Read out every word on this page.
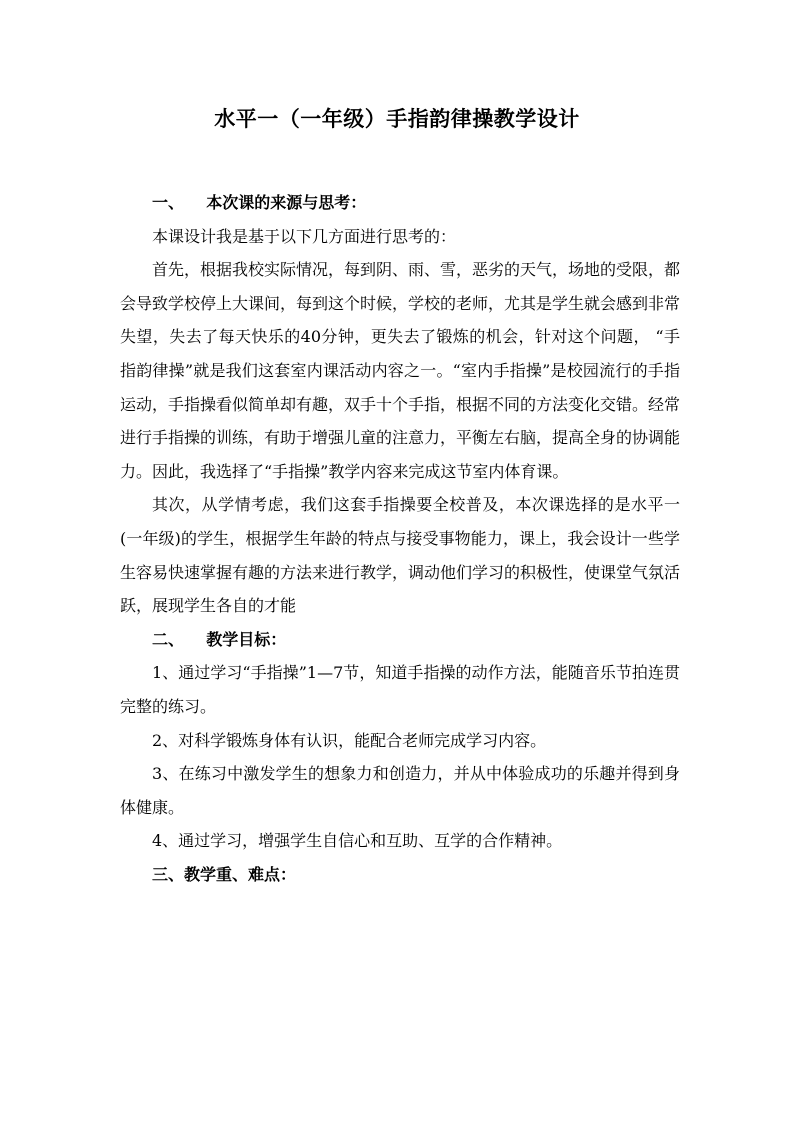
水平一（一年级）手指韵律操教学设计

一、    本次课的来源与思考：

本课设计我是基于以下几方面进行思考的：

首先，根据我校实际情况，每到阴、雨、雪，恶劣的天气，场地的受限，都会导致学校停上大课间，每到这个时候，学校的老师，尤其是学生就会感到非常失望，失去了每天快乐的40分钟，更失去了锻炼的机会，针对这个问题， “手指韵律操”就是我们这套室内课活动内容之一。“室内手指操”是校园流行的手指运动，手指操看似简单却有趣，双手十个手指，根据不同的方法变化交错。经常进行手指操的训练，有助于增强儿童的注意力，平衡左右脑，提高全身的协调能力。因此，我选择了“手指操”教学内容来完成这节室内体育课。

其次，从学情考虑，我们这套手指操要全校普及，本次课选择的是水平一(一年级)的学生，根据学生年龄的特点与接受事物能力，课上，我会设计一些学生容易快速掌握有趣的方法来进行教学，调动他们学习的积极性，使课堂气氛活跃，展现学生各自的才能

二、    教学目标：

1、通过学习“手指操”1—7节，知道手指操的动作方法，能随音乐节拍连贯完整的练习。

2、对科学锻炼身体有认识，能配合老师完成学习内容。

3、在练习中激发学生的想象力和创造力，并从中体验成功的乐趣并得到身体健康。

4、通过学习，增强学生自信心和互助、互学的合作精神。

三、教学重、难点：
